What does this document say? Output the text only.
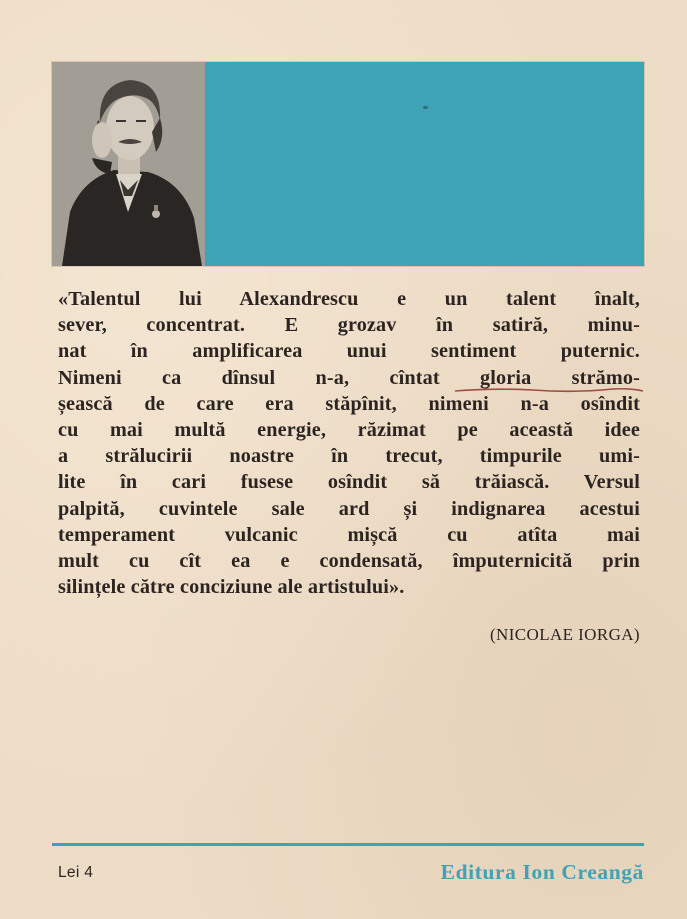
«Talentul lui Alexandrescu e un talent înalt,
sever, concentrat. E grozav în satiră, minu-
nat în amplificarea unui sentiment puternic.
Nimeni ca dînsul n-a, cîntat gloria strămo-
șească de care era stăpînit, nimeni n-a osîndit
cu mai multă energie, răzimat pe această idee
a strălucirii noastre în trecut, timpurile umi-
lite în cari fusese osîndit să trăiască. Versul
palpită, cuvintele sale ard și indignarea acestui
temperament vulcanic mișcă cu atîta mai
mult cu cît ea e condensată, împuternicită prin
silințele către conciziune ale artistului».
(NICOLAE IORGA)
Lei 4	Editura Ion Creangă
